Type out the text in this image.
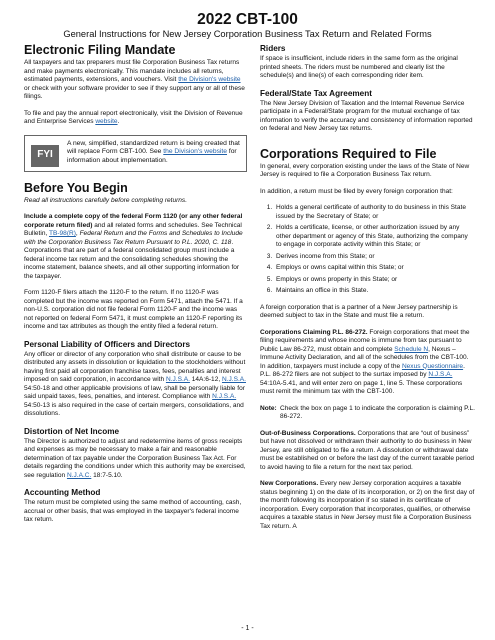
2022 CBT-100
General Instructions for New Jersey Corporation Business Tax Return and Related Forms
Electronic Filing Mandate

All taxpayers and tax preparers must file Corporation Business Tax returns and make payments electronically. This mandate includes all returns, estimated payments, extensions, and vouchers. Visit the Division's website or check with your software provider to see if they support any or all of these filings.

To file and pay the annual report electronically, visit the Division of Revenue and Enterprise Services website.

FYI
A new, simplified, standardized return is being created that will replace Form CBT-100. See the Division's website for information about implementation.
Before You Begin

Read all instructions carefully before completing returns.

Include a complete copy of the federal Form 1120 (or any other federal corporate return filed) and all related forms and schedules. See Technical Bulletin, TB-98(R), Federal Return and the Forms and Schedules to Include with the Corporation Business Tax Return Pursuant to P.L. 2020, C. 118. Corporations that are part of a federal consolidated group must include a federal income tax return and the consolidating schedules showing the income statement, balance sheets, and all other supporting information for the taxpayer.

Form 1120-F filers attach the 1120-F to the return. If no 1120-F was completed but the income was reported on Form 5471, attach the 5471. If a non-U.S. corporation did not file federal Form 1120-F and the income was not reported on federal Form 5471, it must complete an 1120-F reporting its income and tax attributes as though the entity filed a federal return.

Personal Liability of Officers and Directors

Any officer or director of any corporation who shall distribute or cause to be distributed any assets in dissolution or liquidation to the stockholders without having first paid all corporation franchise taxes, fees, penalties and interest imposed on said corporation, in accordance with N.J.S.A. 14A:6-12, N.J.S.A. 54:50-18 and other applicable provisions of law, shall be personally liable for said unpaid taxes, fees, penalties, and interest. Compliance with N.J.S.A. 54:50-13 is also required in the case of certain mergers, consolidations, and dissolutions.

Distortion of Net Income

The Director is authorized to adjust and redetermine items of gross receipts and expenses as may be necessary to make a fair and reasonable determination of tax payable under the Corporation Business Tax Act. For details regarding the conditions under which this authority may be exercised, see regulation N.J.A.C. 18:7-5.10.

Accounting Method

The return must be completed using the same method of accounting, cash, accrual or other basis, that was employed in the taxpayer's federal income tax return.

Riders

If space is insufficient, include riders in the same form as the original printed sheets. The riders must be numbered and clearly list the schedule(s) and line(s) of each corresponding rider item.

Federal/State Tax Agreement

The New Jersey Division of Taxation and the Internal Revenue Service participate in a Federal/State program for the mutual exchange of tax information to verify the accuracy and consistency of information reported on federal and New Jersey tax returns.

Corporations Required to File

In general, every corporation existing under the laws of the State of New Jersey is required to file a Corporation Business Tax return.

In addition, a return must be filed by every foreign corporation that:

1. Holds a general certificate of authority to do business in this State issued by the Secretary of State; or
2. Holds a certificate, license, or other authorization issued by any other department or agency of this State, authorizing the company to engage in corporate activity within this State; or
3. Derives income from this State; or
4. Employs or owns capital within this State; or
5. Employs or owns property in this State; or
6. Maintains an office in this State.

A foreign corporation that is a partner of a New Jersey partnership is deemed subject to tax in the State and must file a return.

Corporations Claiming P.L. 86-272. Foreign corporations that meet the filing requirements and whose income is immune from tax pursuant to Public Law 86-272, must obtain and complete Schedule N, Nexus – Immune Activity Declaration, and all of the schedules from the CBT-100. In addition, taxpayers must include a copy of the Nexus Questionnaire. P.L. 86-272 filers are not subject to the surtax imposed by N.J.S.A. 54:10A-5.41, and will enter zero on page 1, line 5. These corporations must remit the minimum tax with the CBT-100.

Note: Check the box on page 1 to indicate the corporation is claiming P.L. 86-272.

Out-of-Business Corporations. Corporations that are “out of business” but have not dissolved or withdrawn their authority to do business in New Jersey, are still obligated to file a return. A dissolution or withdrawal date must be established on or before the last day of the current taxable period to avoid having to file a return for the next tax period.

New Corporations. Every new Jersey corporation acquires a taxable status beginning 1) on the date of its incorporation, or 2) on the first day of the month following its incorporation if so stated in its certificate of incorporation. Every corporation that incorporates, qualifies, or otherwise acquires a taxable status in New Jersey must file a Corporation Business Tax return. A

- 1 -
